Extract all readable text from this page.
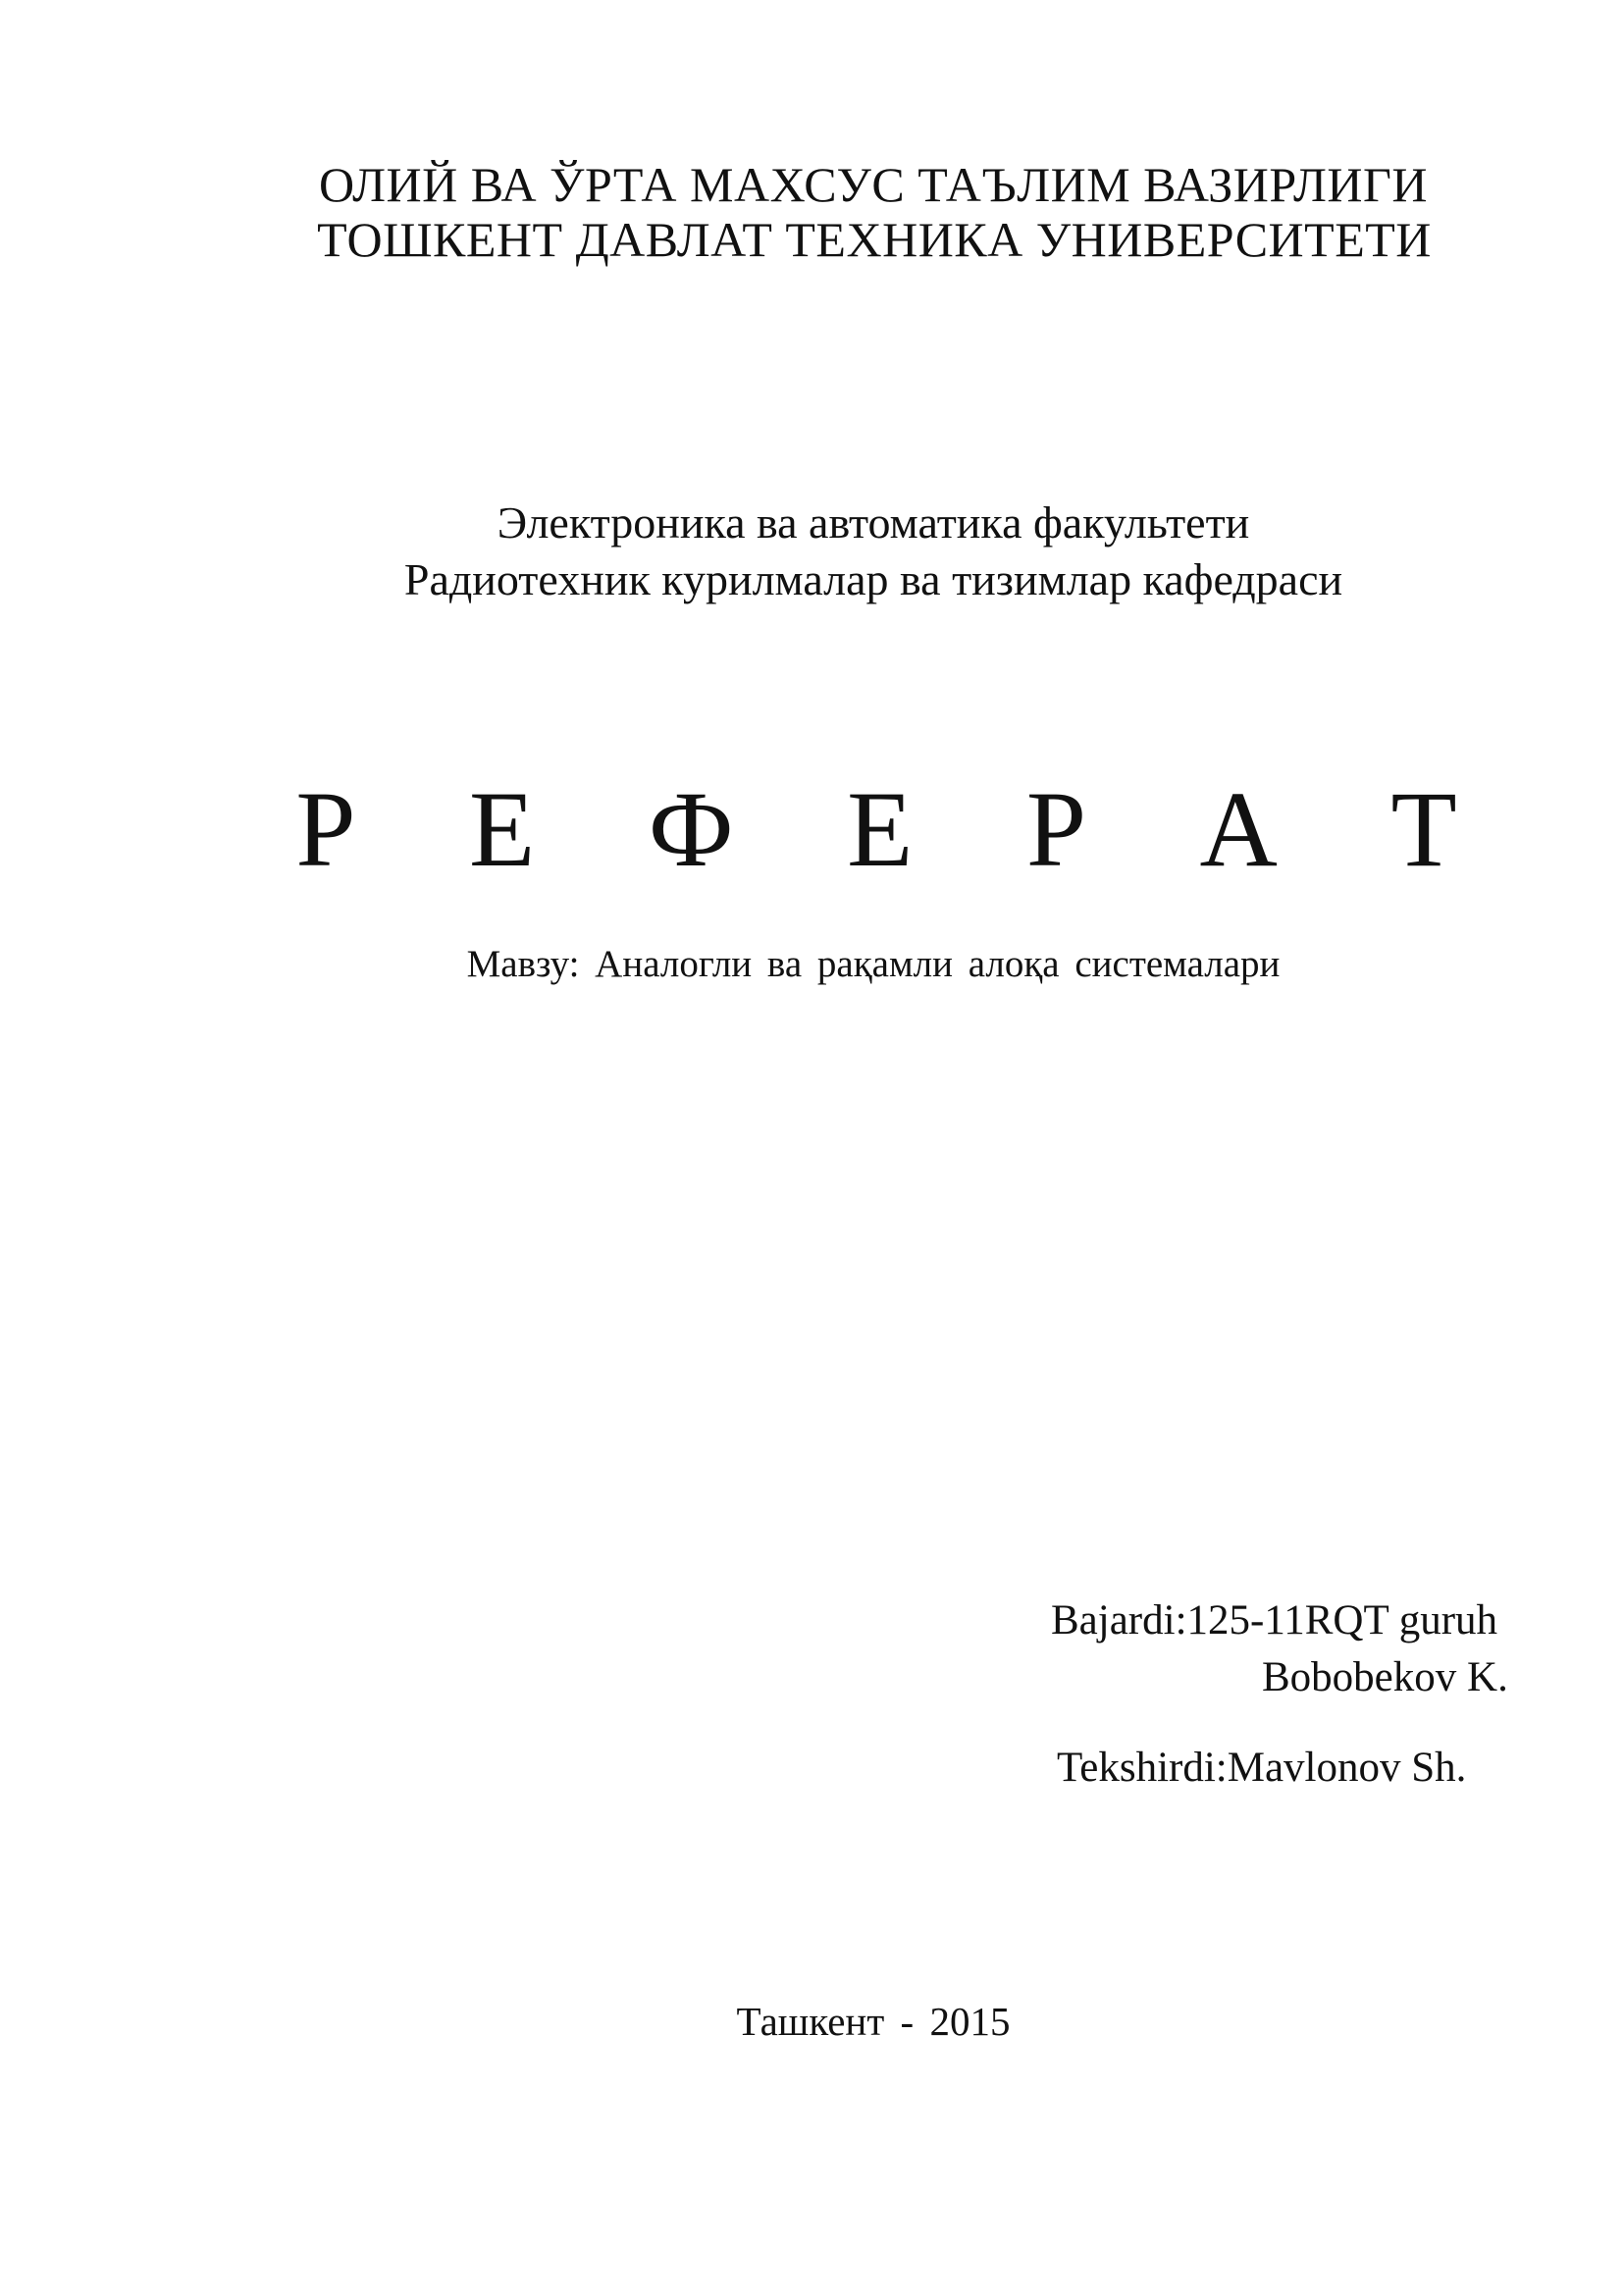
ОЛИЙ ВА ЎРТА МАХСУС ТАЪЛИМ ВАЗИРЛИГИ
ТОШКЕНТ ДАВЛАТ ТЕХНИКА УНИВЕРСИТЕТИ
Электроника ва автоматика факультети
Радиотехник курилмалар ва тизимлар кафедраси
Р Е Ф Е Р А Т
Мавзу: Аналогли ва рақамли алоқа системалари
Bajardi:125-11RQT guruh
Bobobekov K.
Tekshirdi:Mavlonov Sh.
Ташкент - 2015
